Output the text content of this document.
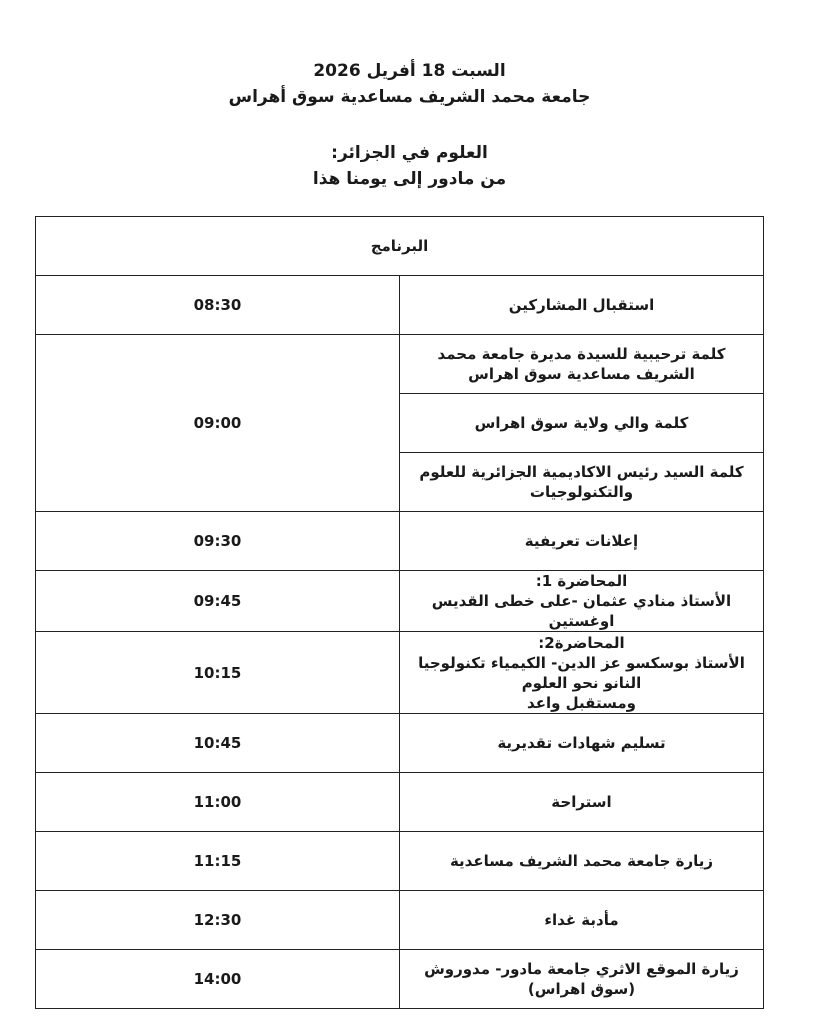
السبت 18 أفريل 2026
جامعة محمد الشريف مساعدية سوق أهراس
العلوم في الجزائر:
من مادور إلى يومنا هذا
البرنامج	

استقبال المشاركين	08:30

كلمة ترحيبية للسيدة مديرة جامعة محمد الشريف مساعدية سوق اهراس	09:00

كلمة والي ولاية سوق اهراس	

كلمة السيد رئيس الاكاديمية الجزائرية للعلوم والتكنولوجيات	

إعلانات تعريفية	09:30

المحاضرة 1:
الأستاذ منادي عثمان -على خطى القديس اوغستين	09:45

المحاضرة2:
الأستاذ بوسكسو عز الدين- الكيمياء تكنولوجيا النانو نحو العلوم
ومستقبل واعد	10:15

تسليم شهادات تقديرية	10:45

استراحة	11:00

زيارة جامعة محمد الشريف مساعدية	11:15

مأدبة غداء	12:30

زيارة الموقع الاثري جامعة مادور- مدوروش (سوق اهراس)	14:00
